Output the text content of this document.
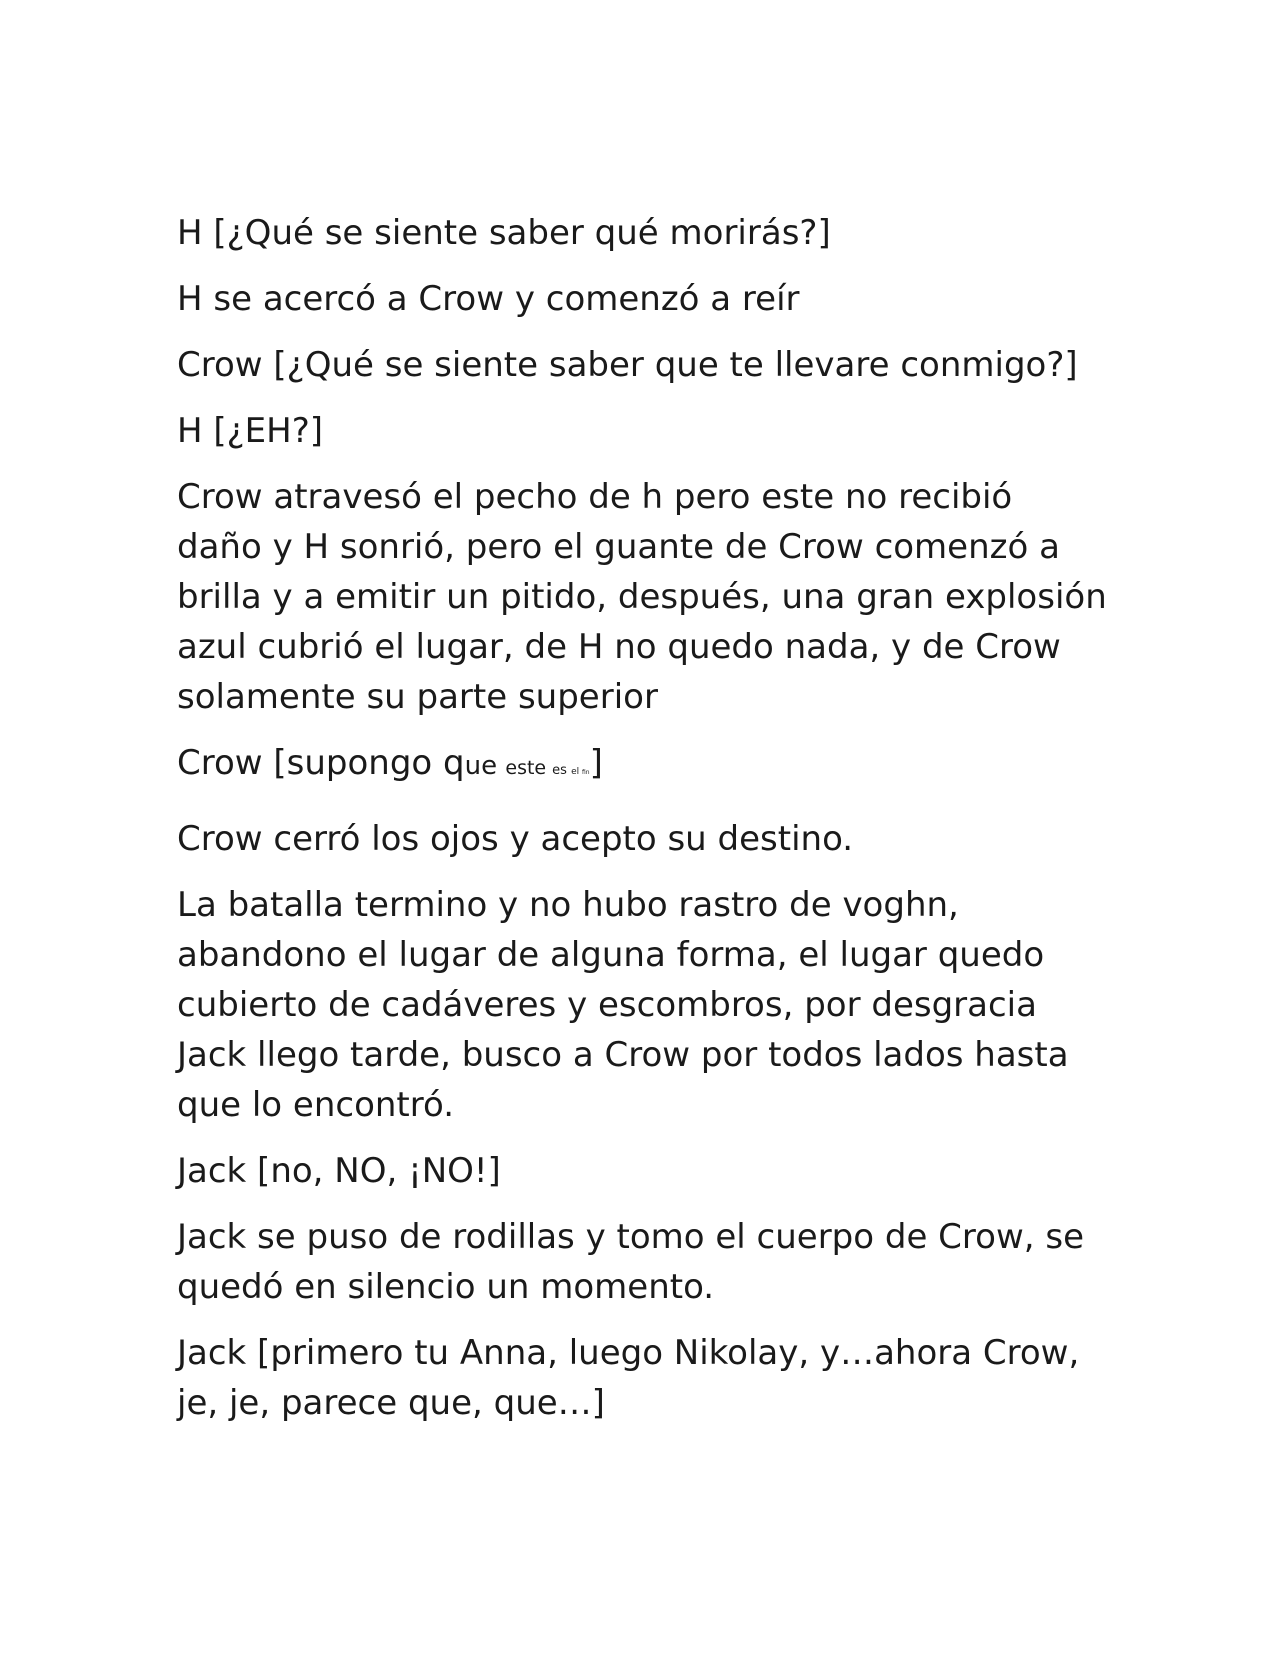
H [¿Qué se siente saber qué morirás?]

H se acercó a Crow y comenzó a reír

Crow [¿Qué se siente saber que te llevare conmigo?]

H [¿EH?]

Crow atravesó el pecho de h pero este no recibió
daño y H sonrió, pero el guante de Crow comenzó a
brilla y a emitir un pitido, después, una gran explosión
azul cubrió el lugar, de H no quedo nada, y de Crow
solamente su parte superior

Crow [supongo que este es el fin]

Crow cerró los ojos y acepto su destino.

La batalla termino y no hubo rastro de voghn,
abandono el lugar de alguna forma, el lugar quedo
cubierto de cadáveres y escombros, por desgracia
Jack llego tarde, busco a Crow por todos lados hasta
que lo encontró.

Jack [no, NO, ¡NO!]

Jack se puso de rodillas y tomo el cuerpo de Crow, se
quedó en silencio un momento.

Jack [primero tu Anna, luego Nikolay, y…ahora Crow,
je, je, parece que, que…]
